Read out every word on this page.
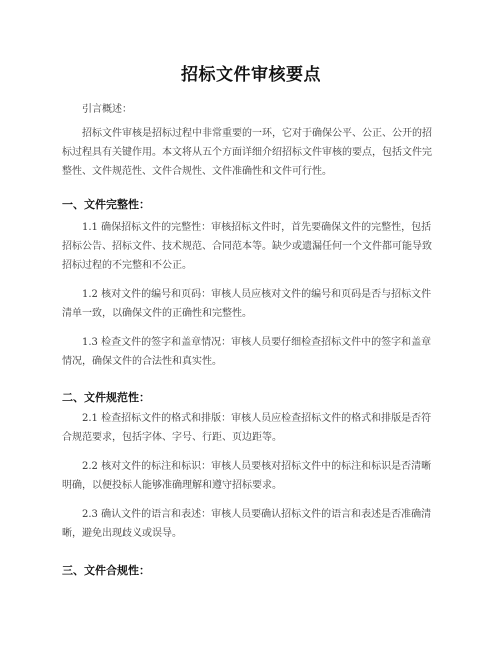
招标文件审核要点
引言概述：
招标文件审核是招标过程中非常重要的一环，它对于确保公平、公正、公开的招标过程具有关键作用。本文将从五个方面详细介绍招标文件审核的要点，包括文件完整性、文件规范性、文件合规性、文件准确性和文件可行性。
一、文件完整性：
1.1 确保招标文件的完整性：审核招标文件时，首先要确保文件的完整性，包括招标公告、招标文件、技术规范、合同范本等。缺少或遗漏任何一个文件都可能导致招标过程的不完整和不公正。
1.2 核对文件的编号和页码：审核人员应核对文件的编号和页码是否与招标文件清单一致，以确保文件的正确性和完整性。
1.3 检查文件的签字和盖章情况：审核人员要仔细检查招标文件中的签字和盖章情况，确保文件的合法性和真实性。
二、文件规范性：
2.1 检查招标文件的格式和排版：审核人员应检查招标文件的格式和排版是否符合规范要求，包括字体、字号、行距、页边距等。
2.2 核对文件的标注和标识：审核人员要核对招标文件中的标注和标识是否清晰明确，以便投标人能够准确理解和遵守招标要求。
2.3 确认文件的语言和表述：审核人员要确认招标文件的语言和表述是否准确清晰，避免出现歧义或误导。
三、文件合规性：
